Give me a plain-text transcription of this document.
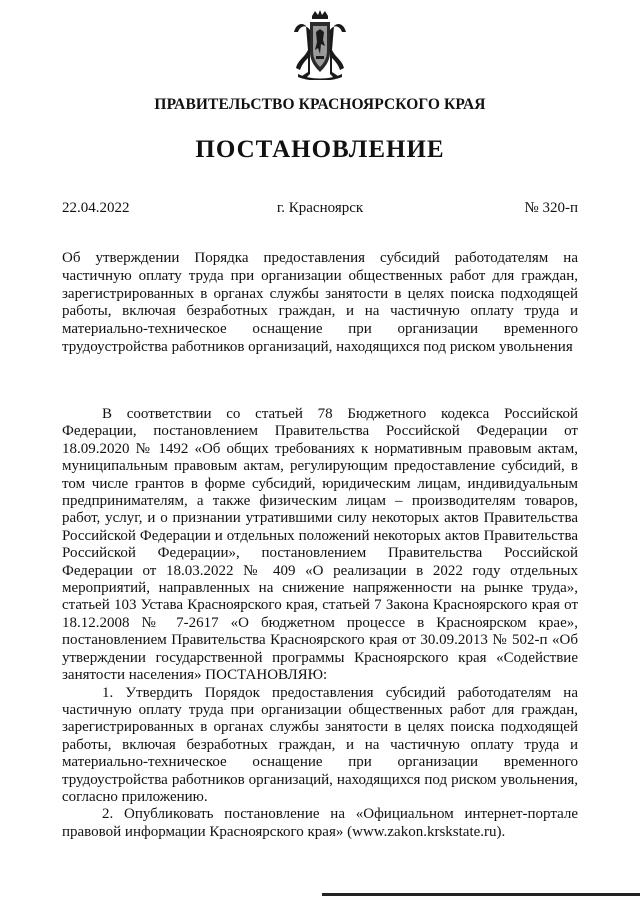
ПРАВИТЕЛЬСТВО КРАСНОЯРСКОГО КРАЯ
ПОСТАНОВЛЕНИЕ
22.04.2022	г. Красноярск	№ 320-п
Об утверждении Порядка предоставления субсидий работодателям на частичную оплату труда при организации общественных работ для граждан, зарегистрированных в органах службы занятости в целях поиска подходящей работы, включая безработных граждан, и на частичную оплату труда и материально-техническое оснащение при организации временного трудоустройства работников организаций, находящихся под риском увольнения

В соответствии со статьей 78 Бюджетного кодекса Российской Федерации, постановлением Правительства Российской Федерации от 18.09.2020 № 1492 «Об общих требованиях к нормативным правовым актам, муниципальным правовым актам, регулирующим предоставление субсидий, в том числе грантов в форме субсидий, юридическим лицам, индивидуальным предпринимателям, а также физическим лицам – производителям товаров, работ, услуг, и о признании утратившими силу некоторых актов Правительства Российской Федерации и отдельных положений некоторых актов Правительства Российской Федерации», постановлением Правительства Российской Федерации от 18.03.2022 № 409 «О реализации в 2022 году отдельных мероприятий, направленных на снижение напряженности на рынке труда», статьей 103 Устава Красноярского края, статьей 7 Закона Красноярского края от 18.12.2008 № 7-2617 «О бюджетном процессе в Красноярском крае», постановлением Правительства Красноярского края от 30.09.2013 № 502-п «Об утверждении государственной программы Красноярского края «Содействие занятости населения» ПОСТАНОВЛЯЮ:

1. Утвердить Порядок предоставления субсидий работодателям на частичную оплату труда при организации общественных работ для граждан, зарегистрированных в органах службы занятости в целях поиска подходящей работы, включая безработных граждан, и на частичную оплату труда и материально-техническое оснащение при организации временного трудоустройства работников организаций, находящихся под риском увольнения, согласно приложению.

2. Опубликовать постановление на «Официальном интернет-портале правовой информации Красноярского края» (www.zakon.krskstate.ru).
